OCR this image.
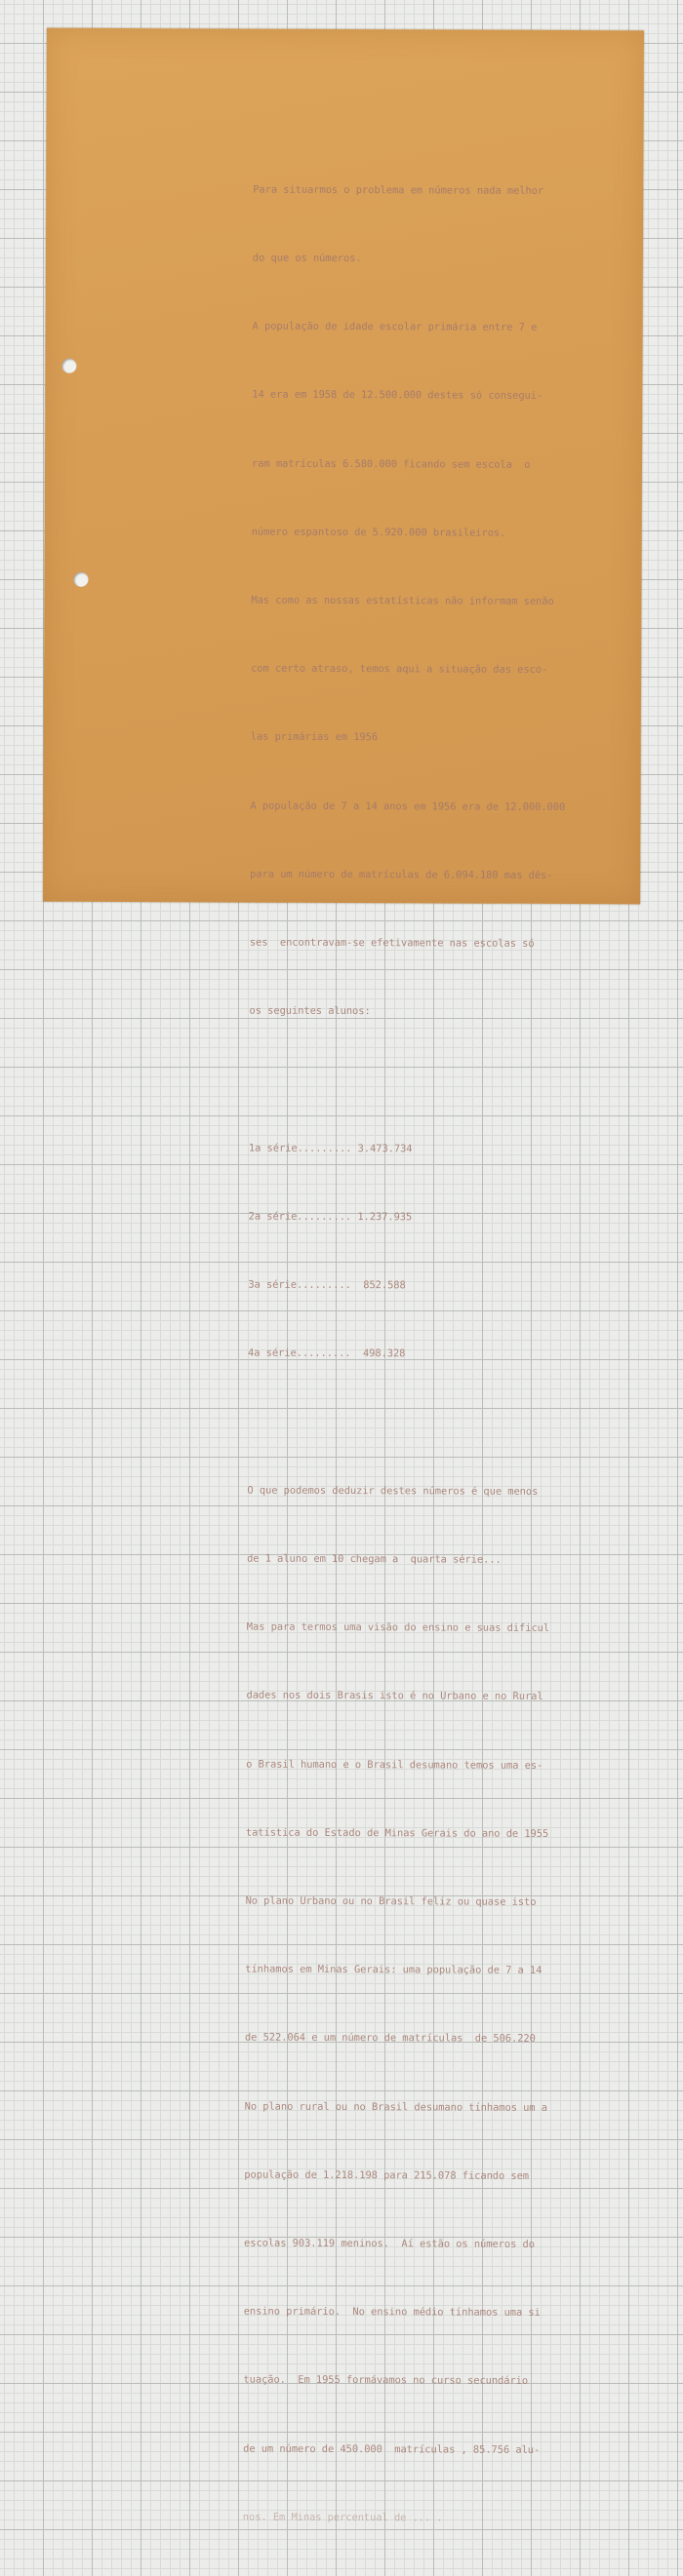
Para situarmos o problema em números nada melhor

do que os números.

A população de idade escolar primária entre 7 e

14 era em 1958 de 12.500.000 destes só consegui-

ram matrículas 6.580.000 ficando sem escola  o

número espantoso de 5.920.000 brasileiros.

Mas como as nossas estatísticas não informam senão

com certo atraso, temos aqui a situação das esco-

las primárias em 1956

A população de 7 a 14 anos em 1956 era de 12.000.000

para um número de matrículas de 6.094.180 mas dês-

ses  encontravam-se efetivamente nas escolas só

os seguintes alunos:

1a série......... 3.473.734

2a série......... 1.237.935

3a série.........  852.588

4a série.........  498.328

O que podemos deduzir destes números é que menos

de 1 aluno em 10 chegam a  quarta série...

Mas para termos uma visão do ensino e suas dificul

dades nos dois Brasis isto é no Urbano e no Rural

o Brasil humano e o Brasil desumano temos uma es-

tatística do Estado de Minas Gerais do ano de 1955

No plano Urbano ou no Brasil feliz ou quase isto

tínhamos em Minas Gerais: uma população de 7 a 14

de 522.064 e um número de matrículas  de 506.220

No plano rural ou no Brasil desumano tínhamos um a

população de 1.218.198 para 215.078 ficando sem

escolas 903.119 meninos.  Aí estão os números do

ensino primário.  No ensino médio tínhamos uma si

tuação.  Em 1955 formávamos no curso secundário

de um número de 450.000  matrículas , 85.756 alu-

nos. Em Minas percentual de ... .
